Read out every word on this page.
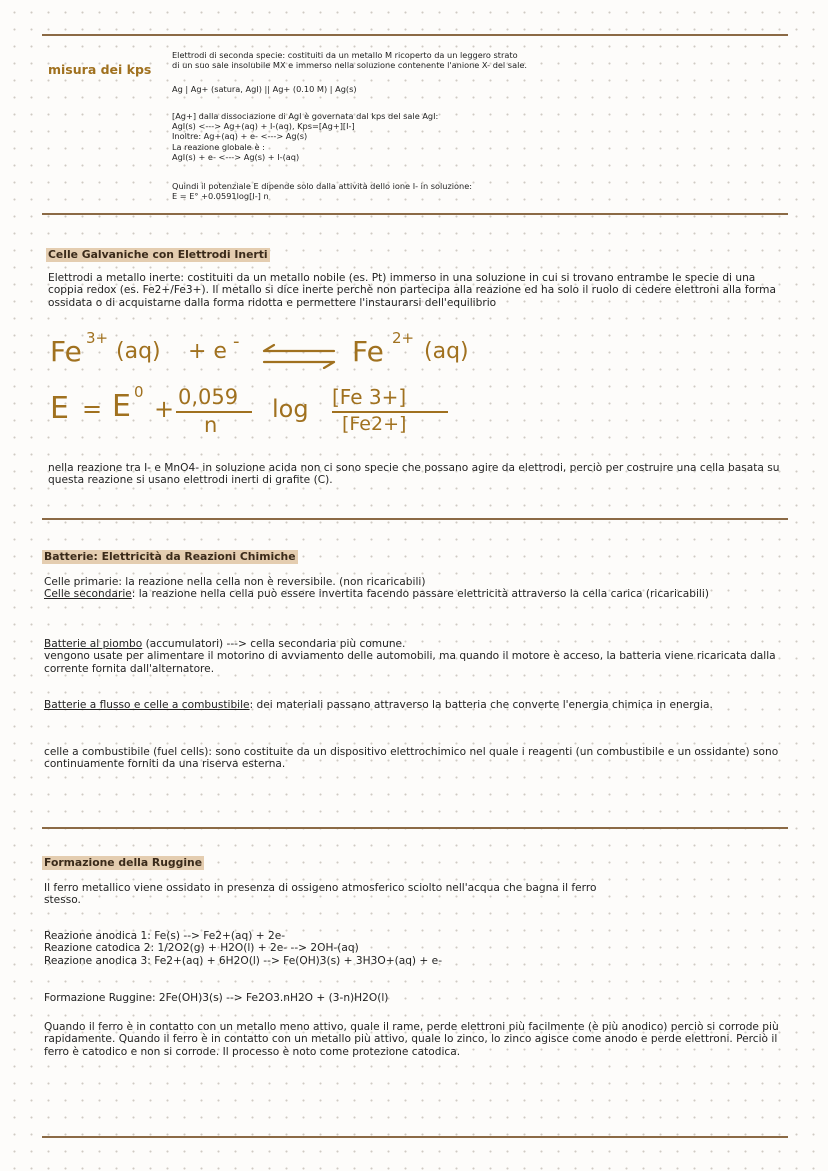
misura dei kps
Elettrodi di seconda specie: costituiti da un metallo M ricoperto da un leggero strato
di un suo sale insolubile MX e immerso nella soluzione contenente l'anione X- del sale.
Ag | Ag+ (satura, AgI) || Ag+ (0.10 M) | Ag(s)
[Ag+] dalla dissociazione di AgI è governata dal kps del sale AgI:
AgI(s) <---> Ag+(aq) + I-(aq), Kps=[Ag+][I-]
Inoltre: Ag+(aq) + e- <---> Ag(s)
La reazione globale è :
AgI(s) + e- <---> Ag(s) + I-(aq)
Quindi il potenziale E dipende solo dalla attività dello ione I- in soluzione:
E = E° +0.0591log[I-] n
Celle Galvaniche con Elettrodi Inerti
Elettrodi a metallo inerte: costituiti da un metallo nobile (es. Pt) immerso in una soluzione in cui si trovano entrambe le specie di una coppia redox (es. Fe2+/Fe3+). Il metallo si dice inerte perchè non partecipa alla reazione ed ha solo il ruolo di cedere elettroni alla forma ossidata o di acquistarne dalla forma ridotta e permettere l'instaurarsi dell'equilibrio
Fe 3+
(aq) + e -	Fe 2+
(aq)
E = E 0
+ 0,059
n
log [Fe 3+]
[Fe2+]
nella reazione tra I- e MnO4- in soluzione acida non ci sono specie che possano agire da elettrodi, perciò per costruire una cella basata su questa reazione si usano elettrodi inerti di grafite (C).
Batterie: Elettricità da Reazioni Chimiche
Celle primarie: la reazione nella cella non è reversibile. (non ricaricabili)
Celle secondarie: la reazione nella cella può essere invertita facendo passare elettricità attraverso la cella carica (ricaricabili)
Batterie al piombo (accumulatori) ---> cella secondaria più comune.
vengono usate per alimentare il motorino di avviamento delle automobili, ma quando il motore è acceso, la batteria viene ricaricata dalla corrente fornita dall'alternatore.
Batterie a flusso e celle a combustibile: dei materiali passano attraverso la batteria che converte l'energia chimica in energia.
celle a combustibile (fuel cells): sono costituite da un dispositivo elettrochimico nel quale i reagenti (un combustibile e un ossidante) sono continuamente forniti da una riserva esterna.
Formazione della Ruggine
Il ferro metallico viene ossidato in presenza di ossigeno atmosferico sciolto nell'acqua che bagna il ferro stesso.
Reazione anodica 1: Fe(s) --> Fe2+(aq) + 2e-
Reazione catodica 2: 1/2O2(g) + H2O(l) + 2e- --> 2OH-(aq)
Reazione anodica 3: Fe2+(aq) + 6H2O(l) --> Fe(OH)3(s) + 3H3O+(aq) + e-
Formazione Ruggine: 2Fe(OH)3(s) --> Fe2O3.nH2O + (3-n)H2O(l)
Quando il ferro è in contatto con un metallo meno attivo, quale il rame, perde elettroni più facilmente (è più anodico) perciò si corrode più rapidamente. Quando il ferro è in contatto con un metallo più attivo, quale lo zinco, lo zinco agisce come anodo e perde elettroni. Perciò il ferro è catodico e non si corrode. Il processo è noto come protezione catodica.
